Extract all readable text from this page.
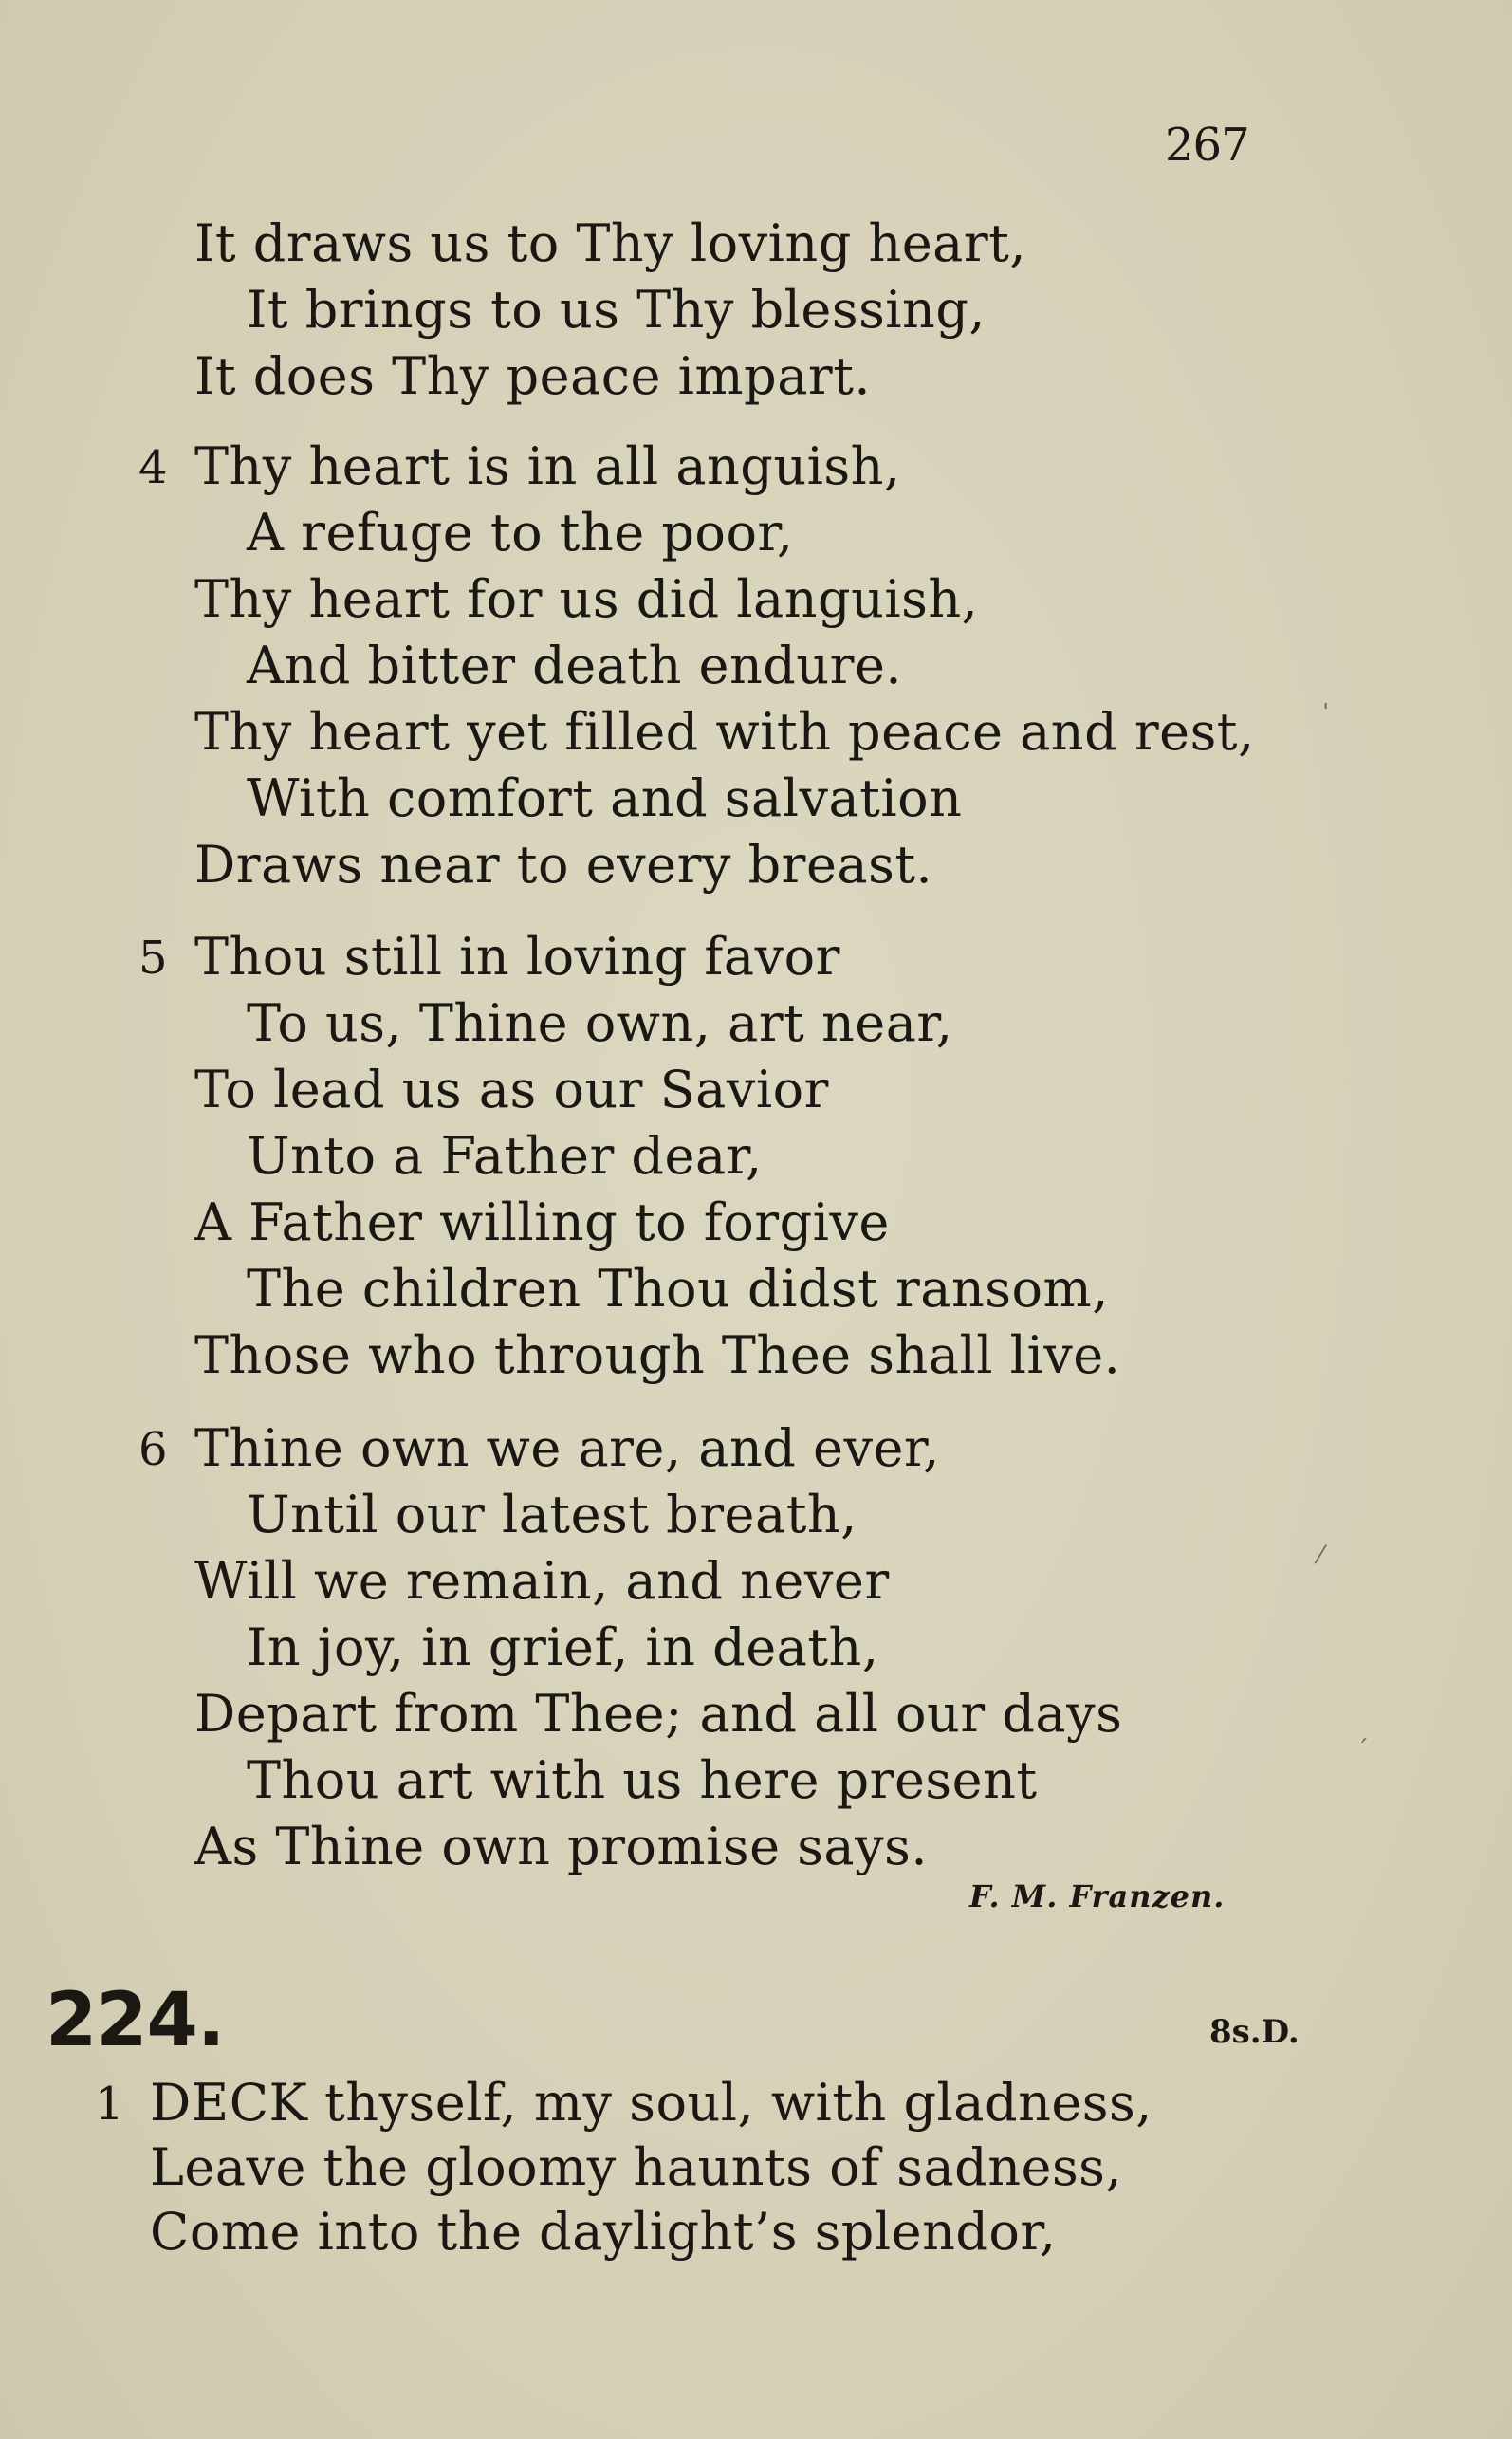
267
It draws us to Thy loving heart,
It brings to us Thy blessing,
It does Thy peace impart.
4 Thy heart is in all anguish,
A refuge to the poor,
Thy heart for us did languish,
And bitter death endure.
Thy heart yet filled with peace and rest,
With comfort and salvation
Draws near to every breast.
5 Thou still in loving favor
To us, Thine own, art near,
To lead us as our Savior
Unto a Father dear,
A Father willing to forgive
The children Thou didst ransom,
Those who through Thee shall live.
6 Thine own we are, and ever,
Until our latest breath,
Will we remain, and never
In joy, in grief, in death,
Depart from Thee; and all our days
Thou art with us here present
As Thine own promise says.
F. M. Franzen.
224.	8s.D.
1 DECK thyself, my soul, with gladness,
Leave the gloomy haunts of sadness,
Come into the daylight’s splendor,
ˈ
⁄
ˊ
